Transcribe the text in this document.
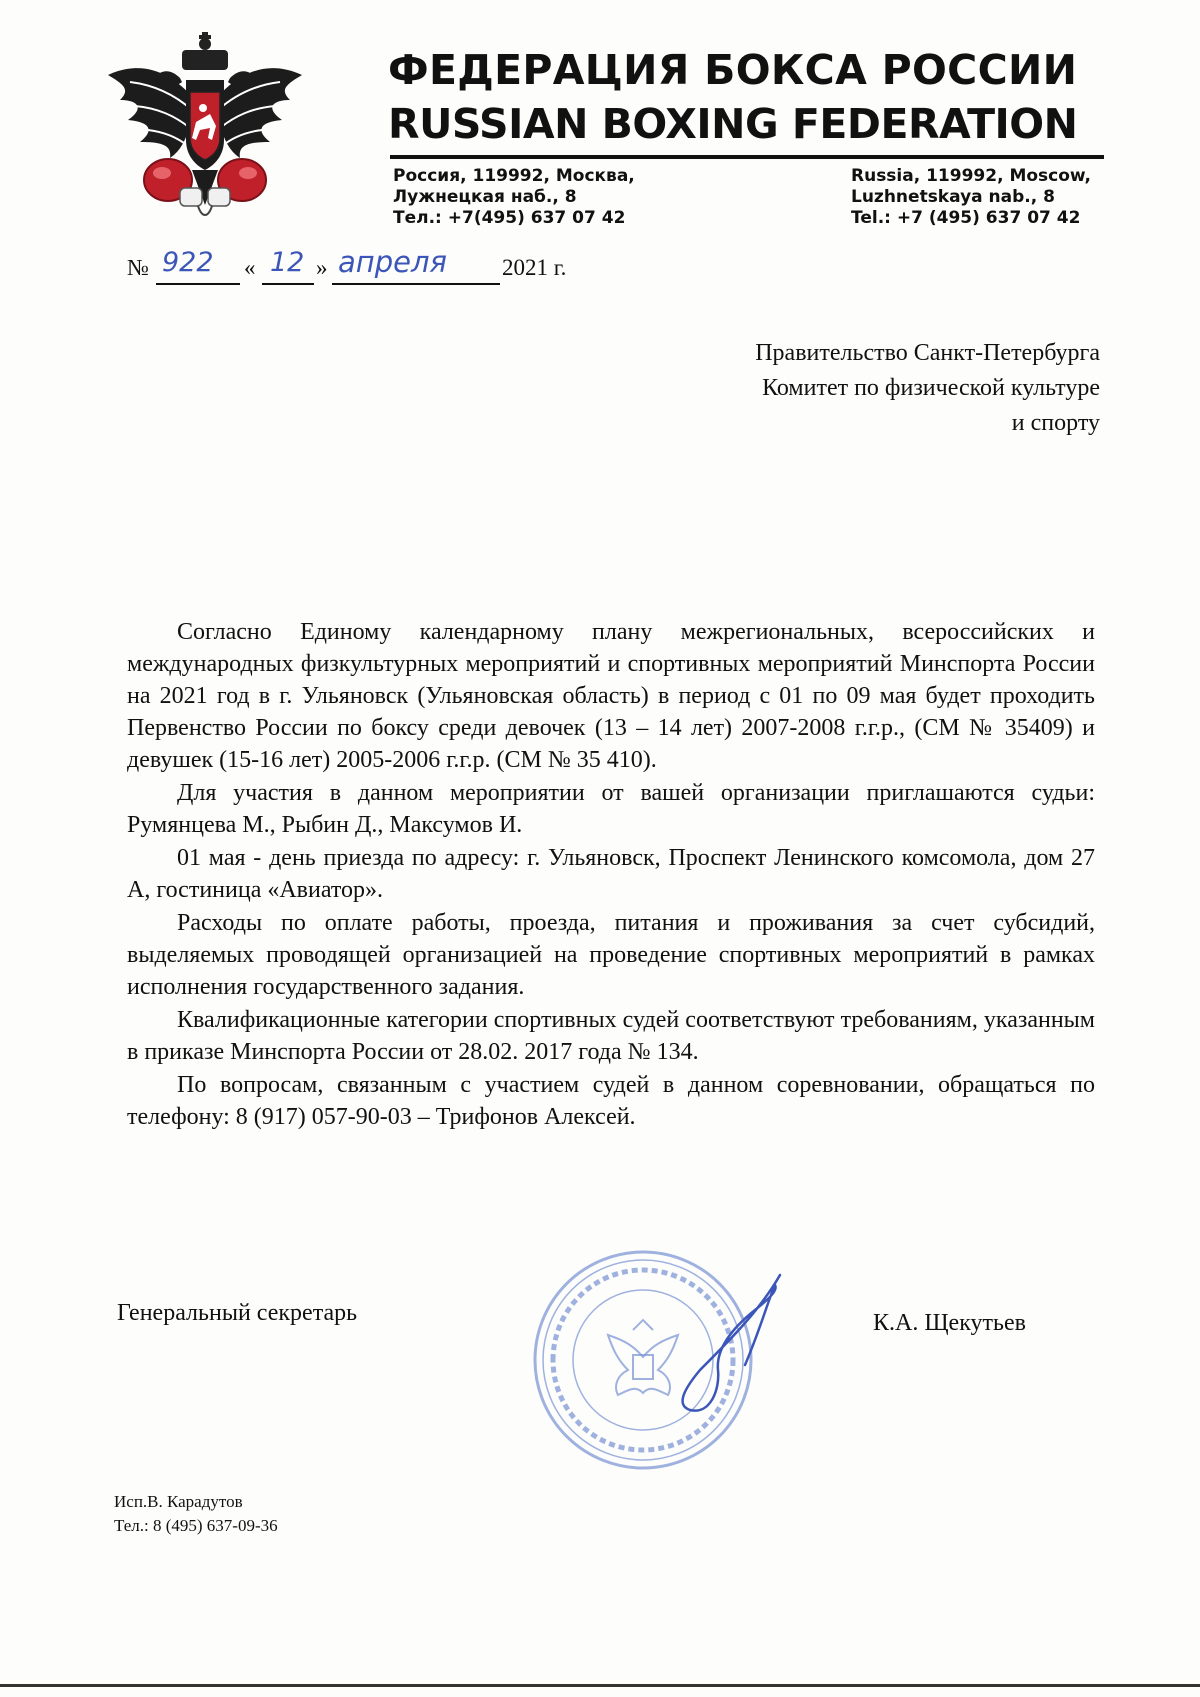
ФЕДЕРАЦИЯ БОКСА РОССИИ
RUSSIAN BOXING FEDERATION
Россия, 119992, Москва,
Лужнецкая наб., 8
Тел.: +7(495) 637 07 42
Russia, 119992, Moscow,
Luzhnetskaya nab., 8
Tel.: +7 (495) 637 07 42
№ 922 « 12 » апреля 2021 г.
Правительство Санкт-Петербурга
Комитет по физической культуре
и спорту

Согласно Единому календарному плану межрегиональных, всероссийских и международных физкультурных мероприятий и спортивных мероприятий Минспорта России на 2021 год в г. Ульяновск (Ульяновская область) в период с 01 по 09 мая будет проходить Первенство России по боксу среди девочек (13 – 14 лет) 2007-2008 г.г.р., (СМ № 35409) и девушек (15-16 лет) 2005-2006 г.г.р. (СМ № 35 410).

Для участия в данном мероприятии от вашей организации приглашаются судьи: Румянцева М., Рыбин Д., Максумов И.

01 мая - день приезда по адресу: г. Ульяновск, Проспект Ленинского комсомола, дом 27 А, гостиница «Авиатор».

Расходы по оплате работы, проезда, питания и проживания за счет субсидий, выделяемых проводящей организацией на проведение спортивных мероприятий в рамках исполнения государственного задания.

Квалификационные категории спортивных судей соответствуют требованиям, указанным в приказе Минспорта России от 28.02. 2017 года № 134.

По вопросам, связанным с участием судей в данном соревновании, обращаться по телефону: 8 (917) 057-90-03 – Трифонов Алексей.

Генеральный секретарь	К.А. Щекутьев
Исп.В. Карадутов
Тел.: 8 (495) 637-09-36
